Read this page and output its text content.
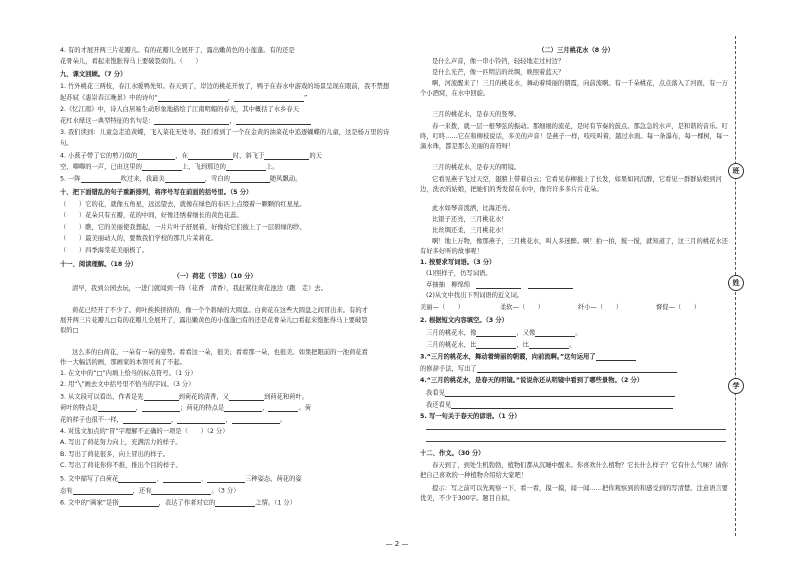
班
姓
学
4. 有的才展开两三片花瓣儿。有的花瓣儿全展开了，露出嫩黄色的小莲蓬。有的还是
花骨朵儿，看起来饱胀得马上要破裂似的。（　　）
九、课文回顾。（7 分）
1. 竹外桃花三两枝，春江水暖鸭先知。春天到了，岸边的桃花开放了，鸭子在春水中游戏的场景呈现在眼前，我不禁想
起苏轼《惠崇春江晚景》中的诗句“	，	”
2.《忆江南》中，诗人白居易生动形象地描绘了江南明媚的春光，其中概括了水乡春天
花红水绿这一典型特征的名句是：	，
3. 我们读到：儿童急走追黄蝶，飞入菜花无处寻。我们看到了一个在金黄的油菜花中追逐蝴蝶的儿童，这是杨万里的诗
句。
4. 小燕子带了它的剪刀似的	，在	时，斜飞于	的天
空，唧唧的一声，已由这里的	上，飞到那边的	上。
5. 一阵	吹过来，我最美	，雪白的	随风飘动。
十、把下面错乱的句子重新排列，将序号写在前面的括号里。（5 分）
（　　）它的花，就像五角星，远远望去，就像在绿色的布匹上点缀着一颗颗的红星星。
（　　）花朵只有五瓣，花的中间，好像还绣着细长的黄色花蕊。
（　　）瞧，它的美丽使我想起，一片片叶子舒展着，好像给它们披上了一层碧绿的纱。
（　　）最美丽动人的，要数我们学校的那几片茉莉花。
（　　）四季海棠花美丽极了。
十一、阅读理解。（18 分）
（一）荷花（节选）（10 分）
清早，我到公园去玩，一进门就闻到一阵（花香　清香），我赶紧往荷花池边（跑　走）去。
荷花已经开了不少了。荷叶挨挨挤挤的，像一个个碧绿的大圆盘。白荷花在这些大圆盘之间冒出来。有的才展开两三片花瓣儿□有的花瓣儿全展开了，露出嫩黄色的小莲蓬□有的还是花骨朵儿□看起来饱胀得马上要破裂似的□
这么多的白荷花，一朵有一朵的姿势。看看这一朵，很美；看看那一朵，也很美。如果把眼前的一池荷花看作一大幅活的画，那画家的本领可真了不起。
1. 在文中的“□”内填上恰当的标点符号。（1 分）
2. 用“╲”画去文中括号里不恰当的字词。（3 分）
3. 从文段可以看出，作者是先	到荷花的清香，又	到荷花和荷叶。
荷叶的特点是	，	；荷花的特点是	，	。荷
花的样子也很不一样，	，	，	。
4. 对选文加点的“冒”字理解不正确的一项是（　　）（2 分）
A. 写出了荷花努力向上，充满活力的样子。
B. 写出了荷花很多，向上冒出的样子。
C. 写出了荷花你你不推，推出个目的样子。
5. 文中描写了白荷花	、	、	三种姿态，荷花的姿
态有	，还有	。（3 分）
6. 文中的“画家”是指	，表达了作者对它的	之情。（1 分）
（二）三月桃花水（8 分）
是什么声音，像一串小铃铛，轻轻地走过村边？
是什么光芒，像一匹明洁的丝绸，映照着蓝天？
啊，河流醒来了！三月的桃花水，舞动着绮丽的朝霞，向前流啊。有一千朵桃花，点点落入了河面，有一万个小酒窝，在水中回旋。
三月的桃花水，是春天的竖琴。
春一来拨，就一层一根琴弦的振动。那细细的流花，是时有节奏的鼓点。那急急的水声，是和谐的音乐。叮咚，叮咚……它在和柳枝说话，多美的声音！是燕子一样，吱吱叫着，越过水面。每一条瀑布，每一棵树，每一滴水珠，都是那么美丽的音符呀！
三月的桃花水，是春天的明镜。
它看见燕子飞过天空，翅膀上带着白云；它看见春柳披上了长发，如果如同沉醉，它看见一群群姑娘到河边，洗衣的姑娘，把她们的秀发留在水中，像许许多多片片花朵。
此水如琴音泼洒，比海还亮。
比银子还亮，三月桃花水！
比丝绸还柔，三月桃花水！
啊！地上万物，像那燕子，三月桃花水，叫人多迷醉。啊！拍一拍，搅一搅，就知道了，这三月的桃花水还有好多好听的故事呢！
1. 按要求写词语。（3 分）
(1)照样子，仿写词语。
草抽抽　柳绵绵　　
(2)从文中找出下列词语的近义词。
美丽—（　　）	柔软—（　　）	纤小—（　　）	督促—（　　）
2. 根据短文内容填空。（3 分）
三月的桃花水，像	，又像	。
三月的桃花水，比	，比	。
3.“三月的桃花水，舞动着绮丽的朝霞，向前流啊。”这句运用了
的修辞手法，写出了
4.“三月的桃花水，是春天的明镜。”说说你还从明镜中看到了哪些景物。（2 分）
我看见
我还看见
5. 写一句关于春天的谚语。（1 分）
十二、作文。（30 分）
春天到了，到处生机勃勃，植物们都从沉睡中醒来。你喜欢什么植物？它长什么样子？它有什么气味？请你把自己喜欢的一种植物介绍给大家吧！
提示：写之前可以先观察一下，看一看，摸一摸，闻一闻……把你观察到的和感受到的写清楚。注意语言要优美，不少于300字。题目自拟。
— 2 —
